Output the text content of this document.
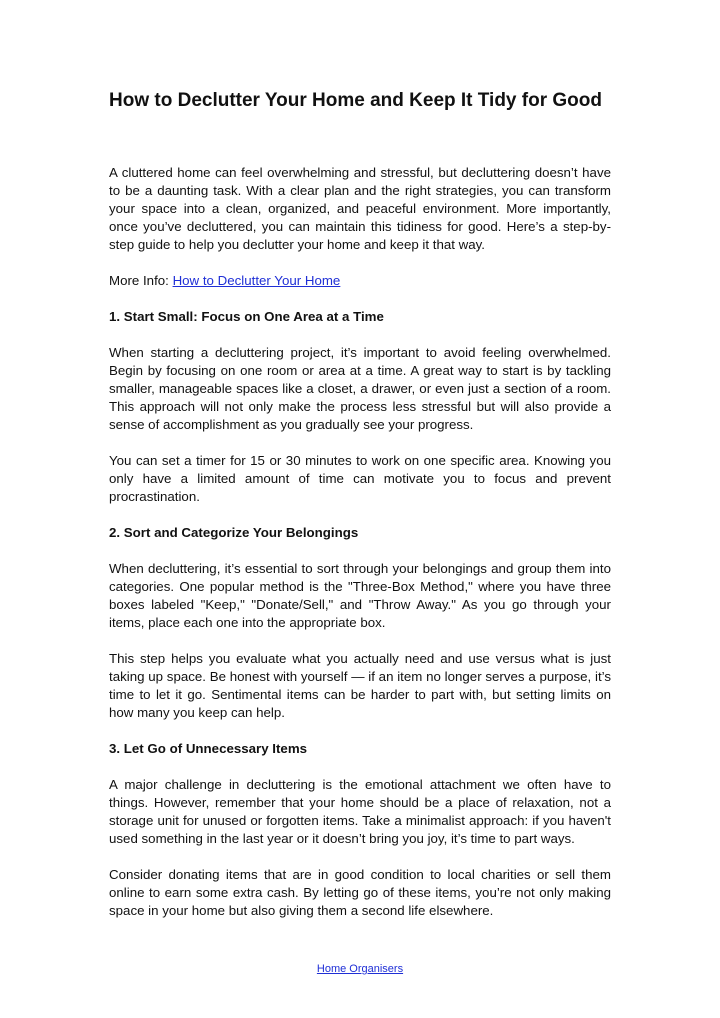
How to Declutter Your Home and Keep It Tidy for Good

A cluttered home can feel overwhelming and stressful, but decluttering doesn’t have to be a daunting task. With a clear plan and the right strategies, you can transform your space into a clean, organized, and peaceful environment. More importantly, once you’ve decluttered, you can maintain this tidiness for good. Here’s a step-by-step guide to help you declutter your home and keep it that way.

More Info: How to Declutter Your Home

1. Start Small: Focus on One Area at a Time

When starting a decluttering project, it’s important to avoid feeling overwhelmed. Begin by focusing on one room or area at a time. A great way to start is by tackling smaller, manageable spaces like a closet, a drawer, or even just a section of a room. This approach will not only make the process less stressful but will also provide a sense of accomplishment as you gradually see your progress.

You can set a timer for 15 or 30 minutes to work on one specific area. Knowing you only have a limited amount of time can motivate you to focus and prevent procrastination.

2. Sort and Categorize Your Belongings

When decluttering, it’s essential to sort through your belongings and group them into categories. One popular method is the "Three-Box Method," where you have three boxes labeled "Keep," "Donate/Sell," and "Throw Away." As you go through your items, place each one into the appropriate box.

This step helps you evaluate what you actually need and use versus what is just taking up space. Be honest with yourself — if an item no longer serves a purpose, it’s time to let it go. Sentimental items can be harder to part with, but setting limits on how many you keep can help.

3. Let Go of Unnecessary Items

A major challenge in decluttering is the emotional attachment we often have to things. However, remember that your home should be a place of relaxation, not a storage unit for unused or forgotten items. Take a minimalist approach: if you haven't used something in the last year or it doesn’t bring you joy, it’s time to part ways.

Consider donating items that are in good condition to local charities or sell them online to earn some extra cash. By letting go of these items, you’re not only making space in your home but also giving them a second life elsewhere.

Home Organisers
